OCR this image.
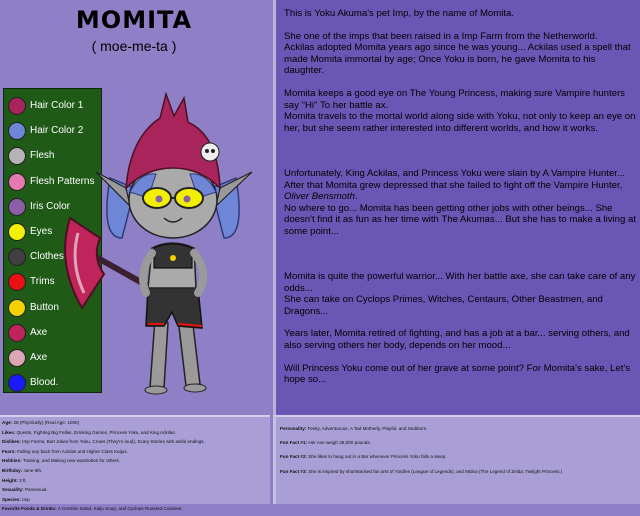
MOMITA
( moe-me-ta )
Hair Color 1
Hair Color 2
Flesh
Flesh Patterns
Iris Color
Eyes
Clothes
Trims
Button
Axe
Axe
Blood.

This is Yoku Akuma's pet Imp, by the name of Momita.

She one of the imps that been raised in a Imp Farm from the Netherworld.
Ackilas adopted Momita years ago since he was young... Ackilas used a spell that made Momita immortal by age; Once Yoku is born, he gave Momita to his daughter.

Momita keeps a good eye on The Young Princess, making sure Vampire hunters say "Hi" To her battle ax.
Momita travels to the mortal world along side with Yoku, not only to keep an eye on her, but she seem rather interested into different worlds, and how it works.

Unfortunately, King Ackilas, and Princess Yoku were slain by A Vampire Hunter... After that Momita grew depressed that she failed to fight off the Vampire Hunter, Oliver Bensmoth.
No where to go... Momita has been getting other jobs with other beings... She doesn't find it as fun as her time with The Akumas... But she has to make a living at some point...

Momita is quite the powerful warrior... With her battle axe, she can take care of any odds...
She can take on Cyclops Primes, Witches, Centaurs, Other Beastmen, and Dragons...

Years later, Momita retired of fighting, and has a job at a bar... serving others, and also serving others her body, depends on her mood...

Will Princess Yoku come out of her grave at some point? For Momita's sake, Let's hope so...

Age: 28 (Physically) (Real Age: 1000)
Likes: Quests, Fighting Big Fellas, Drinking Games, Princess Yoku, and King Ackilas.
Dislikes: Imp Farms, Butt Jokes from Yoku, Crows (They're loud), Scary Stories with awful endings.
Fears: Falling any back from Ackilas and Higher Class Kaijus.
Hobbies: Training, and Making new wardrobes for others.
Birthday: June 6th.
Height: 3 ft.
Sexuality: Pansexual.
Species: Imp
Favorite Foods & Drinks: A Gremlin Salad, Kaiju Soup, and Cyclops Roasted-Cuisines.
Personality: Feisty, Adventurous, A Tad Motherly, Playful, and Stubborn.
Fun Fact #1: Her Axe weigh 36,000 pounds.
Fun Fact #2: She likes to hang out in a Bar whenever Princess Yoku falls a sleep.
Fun Fact #3: She is inspired by shortstacked fan arts of Yordles (League of Legends), and Midna (The Legend of Zelda: Twilight Princess.)
